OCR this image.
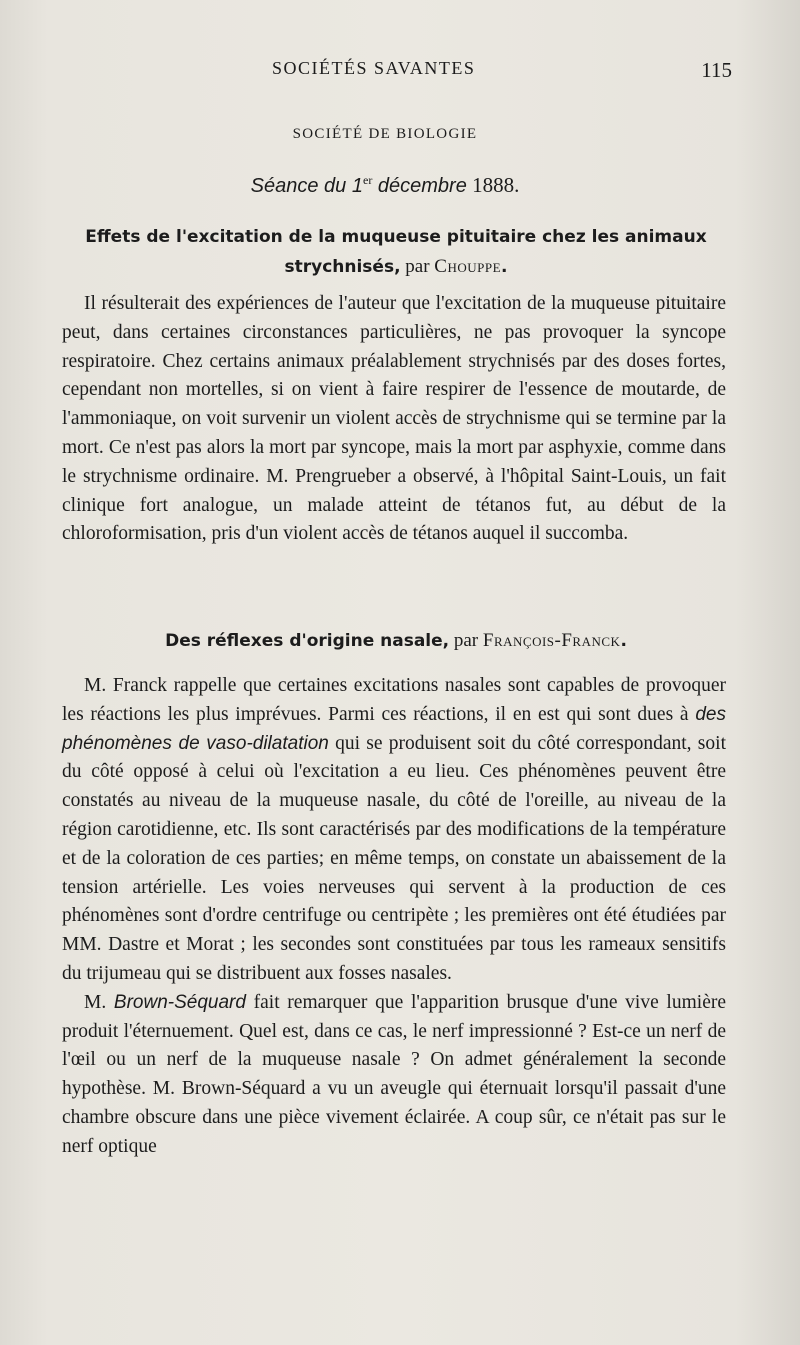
SOCIÉTÉS SAVANTES	115
SOCIÉTÉ DE BIOLOGIE
Séance du 1er décembre 1888.
Effets de l'excitation de la muqueuse pituitaire chez les animaux strychnisés, par Chouppe.

Il résulterait des expériences de l'auteur que l'excitation de la muqueuse pituitaire peut, dans certaines circonstances particulières, ne pas provoquer la syncope respiratoire. Chez certains animaux préalablement strychnisés par des doses fortes, cependant non mortelles, si on vient à faire respirer de l'essence de moutarde, de l'ammoniaque, on voit survenir un violent accès de strychnisme qui se termine par la mort. Ce n'est pas alors la mort par syncope, mais la mort par asphyxie, comme dans le strychnisme ordinaire. M. Prengrueber a observé, à l'hôpital Saint-Louis, un fait clinique fort analogue, un malade atteint de tétanos fut, au début de la chloroformisation, pris d'un violent accès de tétanos auquel il succomba.

Des réflexes d'origine nasale, par François-Franck.

M. Franck rappelle que certaines excitations nasales sont capables de provoquer les réactions les plus imprévues. Parmi ces réactions, il en est qui sont dues à des phénomènes de vaso-dilatation qui se produisent soit du côté correspondant, soit du côté opposé à celui où l'excitation a eu lieu. Ces phénomènes peuvent être constatés au niveau de la muqueuse nasale, du côté de l'oreille, au niveau de la région carotidienne, etc. Ils sont caractérisés par des modifications de la température et de la coloration de ces parties; en même temps, on constate un abaissement de la tension artérielle. Les voies nerveuses qui servent à la production de ces phénomènes sont d'ordre centrifuge ou centripète ; les premières ont été étudiées par MM. Dastre et Morat ; les secondes sont constituées par tous les rameaux sensitifs du trijumeau qui se distribuent aux fosses nasales.

M. Brown-Séquard fait remarquer que l'apparition brusque d'une vive lumière produit l'éternuement. Quel est, dans ce cas, le nerf impressionné ? Est-ce un nerf de l'œil ou un nerf de la muqueuse nasale ? On admet généralement la seconde hypothèse. M. Brown-Séquard a vu un aveugle qui éternuait lorsqu'il passait d'une chambre obscure dans une pièce vivement éclairée. A coup sûr, ce n'était pas sur le nerf optique
